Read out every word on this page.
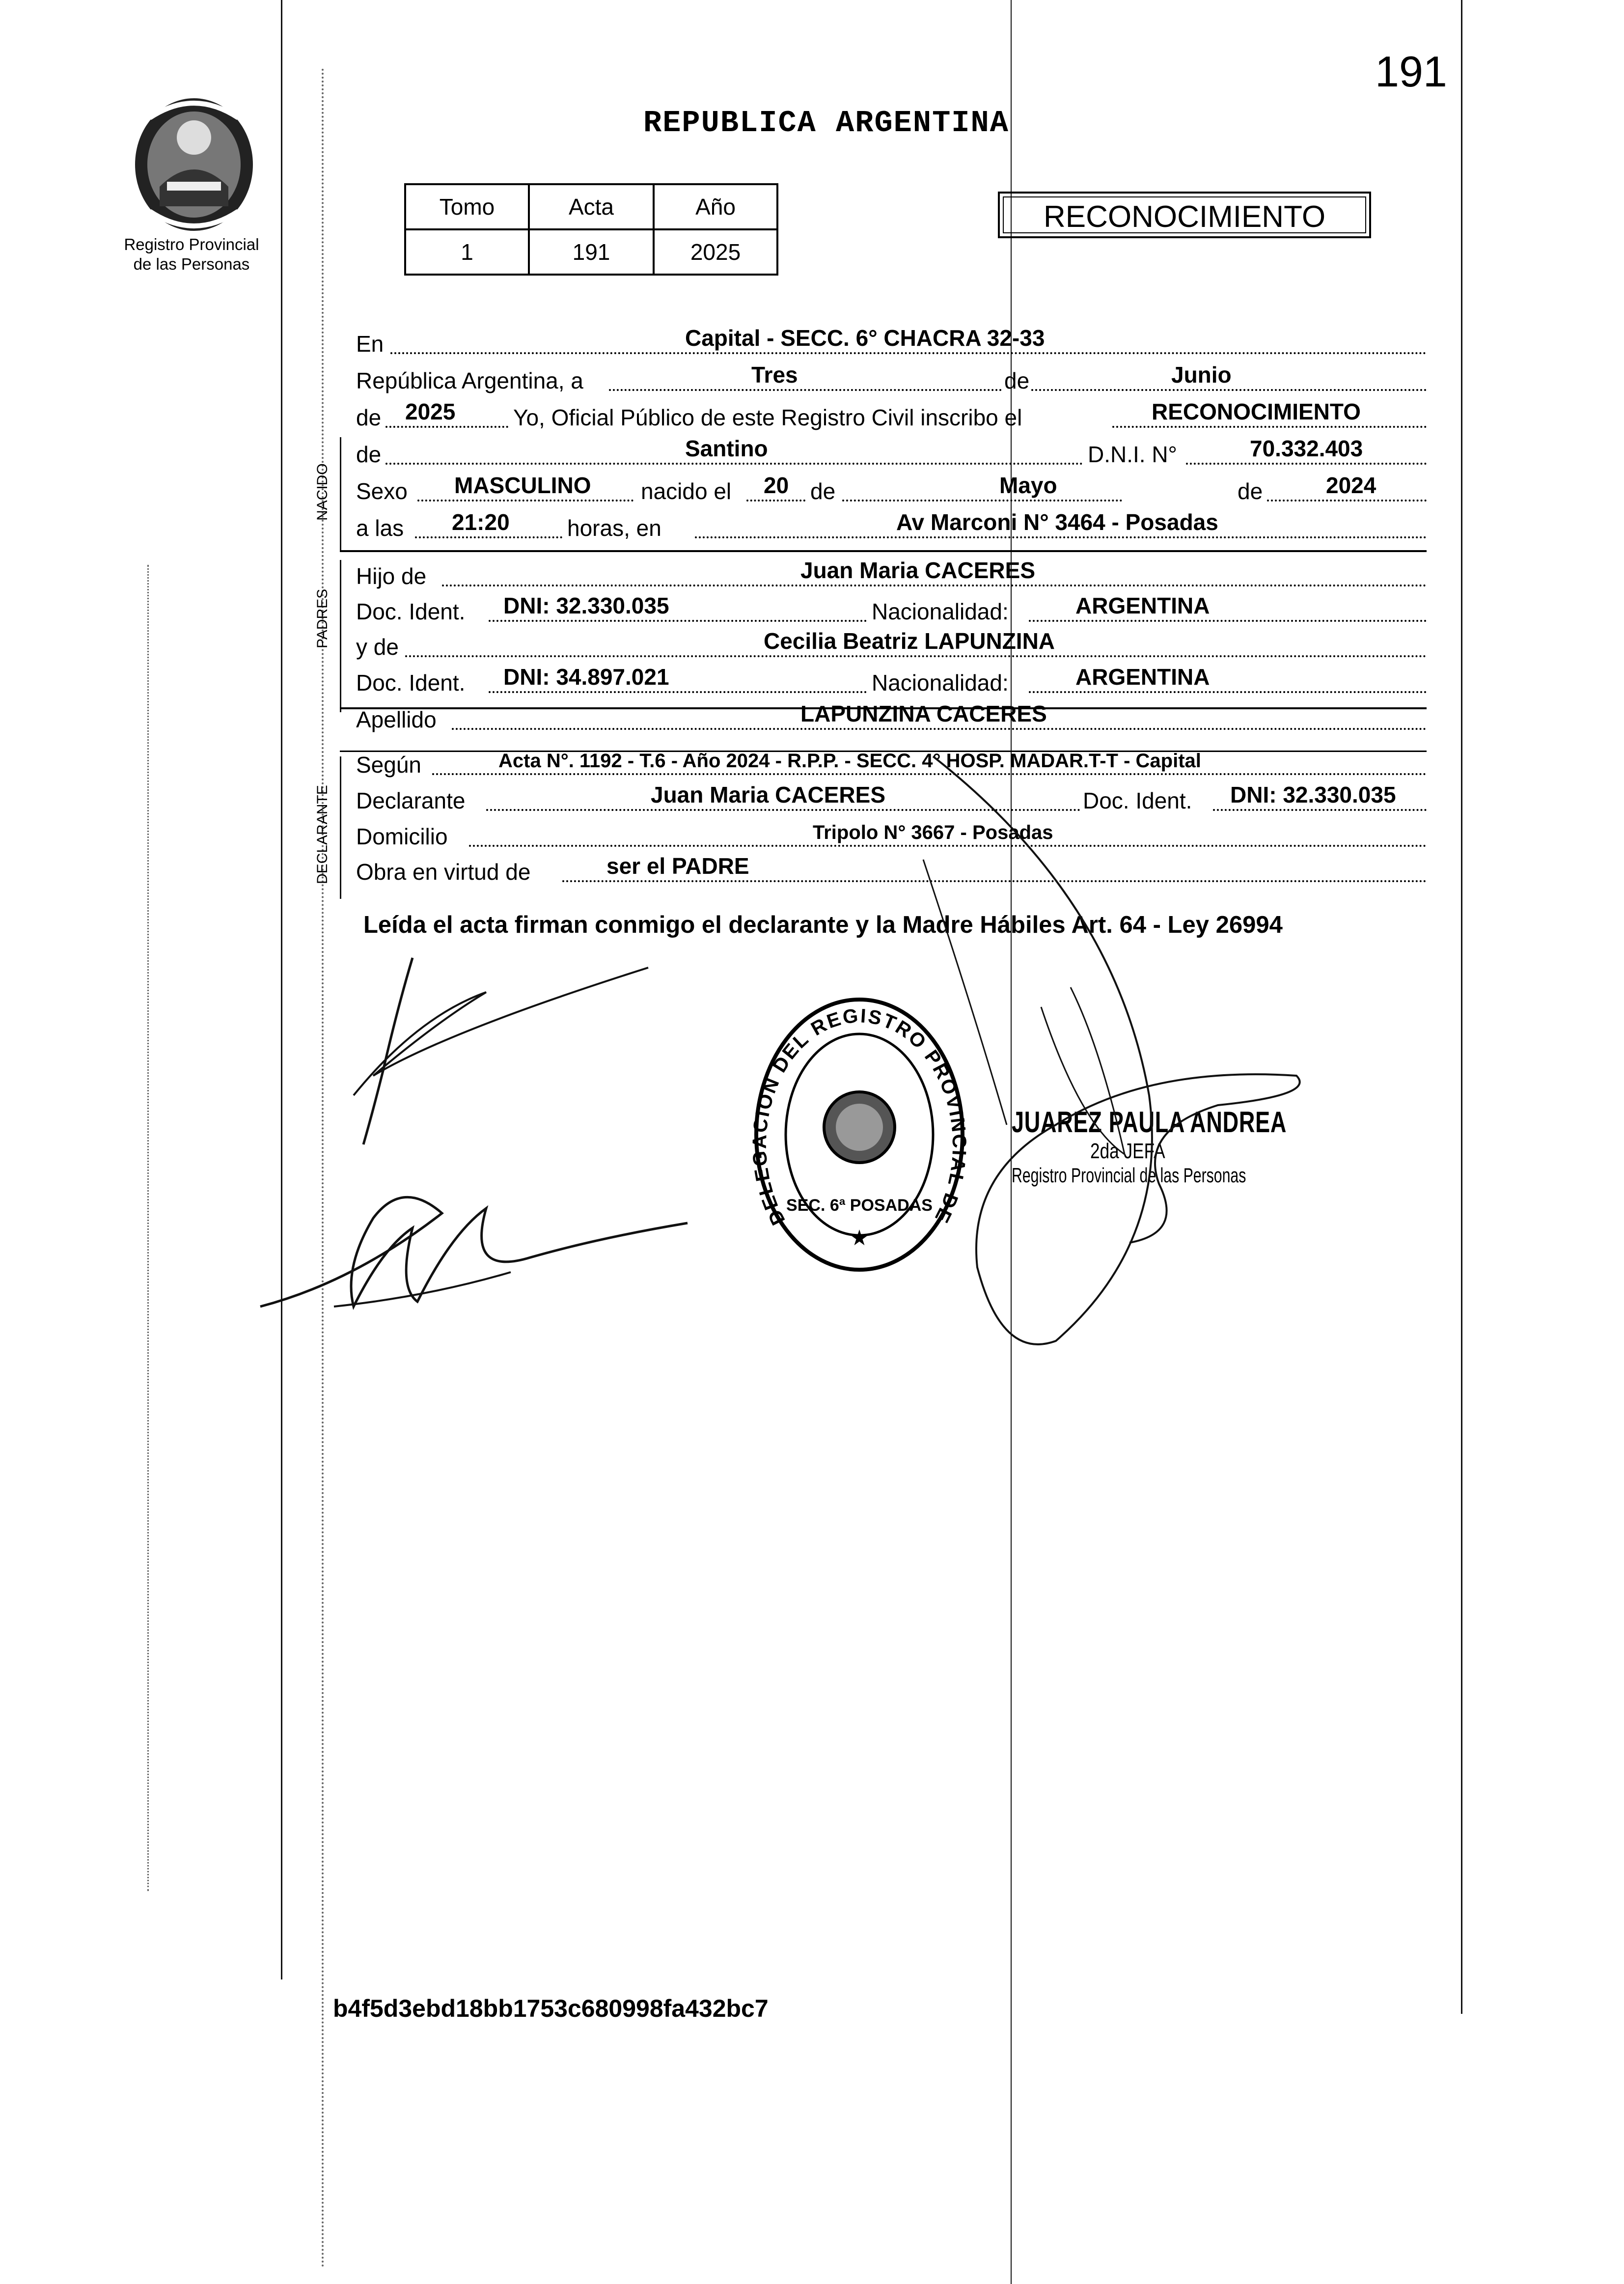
191
REPUBLICA ARGENTINA
Registro Provincial
de las Personas
Tomo	Acta	Año
1	191	2025
RECONOCIMIENTO
En	Capital - SECC. 6° CHACRA 32-33
República Argentina, a	Tres	de	Junio
de 2025	Yo, Oficial Público de este Registro Civil inscribo el	RECONOCIMIENTO
NACIDO
de	Santino	D.N.I. N°	70.332.403
Sexo MASCULINO nacido el 20 de	Mayo	de	2024
a las 21:20	horas, en	Av Marconi N° 3464 - Posadas
PADRES
Hijo de	Juan Maria CACERES
Doc. Ident. DNI: 32.330.035	Nacionalidad:	ARGENTINA
y de	Cecilia Beatriz LAPUNZINA
Doc. Ident. DNI: 34.897.021	Nacionalidad:	ARGENTINA
Apellido	LAPUNZINA CACERES
DECLARANTE
Según	Acta N°. 1192 - T.6 - Año 2024 - R.P.P. - SECC. 4° HOSP. MADAR.T-T - Capital
Declarante	Juan Maria CACERES	Doc. Ident. DNI: 32.330.035
Domicilio	Tripolo N° 3667 - Posadas
Obra en virtud de	ser el PADRE
Leída el acta firman conmigo el declarante y la Madre Hábiles Art. 64 - Ley 26994
DELEGACION DEL REGISTRO PROVINCIAL DE LAS PERSONAS
SEC. 6ª POSADAS
★
JUAREZ PAULA ANDREA
2da JEFA
Registro Provincial de las Personas
b4f5d3ebd18bb1753c680998fa432bc7
